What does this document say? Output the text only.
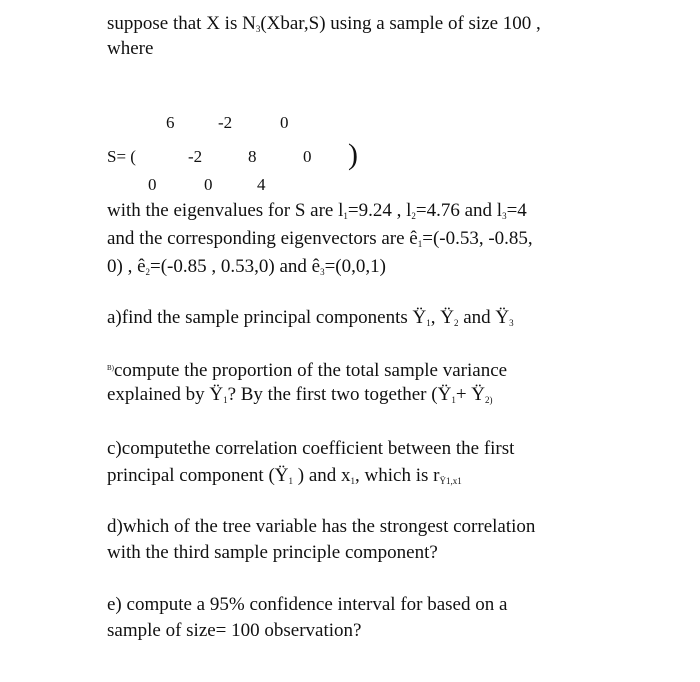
suppose that X is $N_3(Xbar,S)$ using a sample of size 100 ,
where
6	-2	0
S= (	-2	8	0 )
0	0	4
with the eigenvalues for S are $l_1=9.24$ , $l_2=4.76$ and $l_3=4$
and the corresponding eigenvectors are $ê_1=(-0.53$, -0.85,
0) , $ê_2=(-0.85$ , 0.53,0) and $ê_3=(0,0,1)$
a)find the sample principal components $Ÿ_1$, $Ÿ_2$ and $Ÿ_3$
$^{B)}$compute the proportion of the total sample variance
explained by $Ÿ_1$? By the first two together ($Ÿ_1+$ $Ÿ_{2)}$
c)computethe correlation coefficient between the first
principal component ($Ÿ_1$ ) and $x_1$, which is $r_{Ÿ1,x1}$
d)which of the tree variable has the strongest correlation
with the third sample principle component?
e) compute a 95% confidence interval for based on a
sample of size= 100 observation?
